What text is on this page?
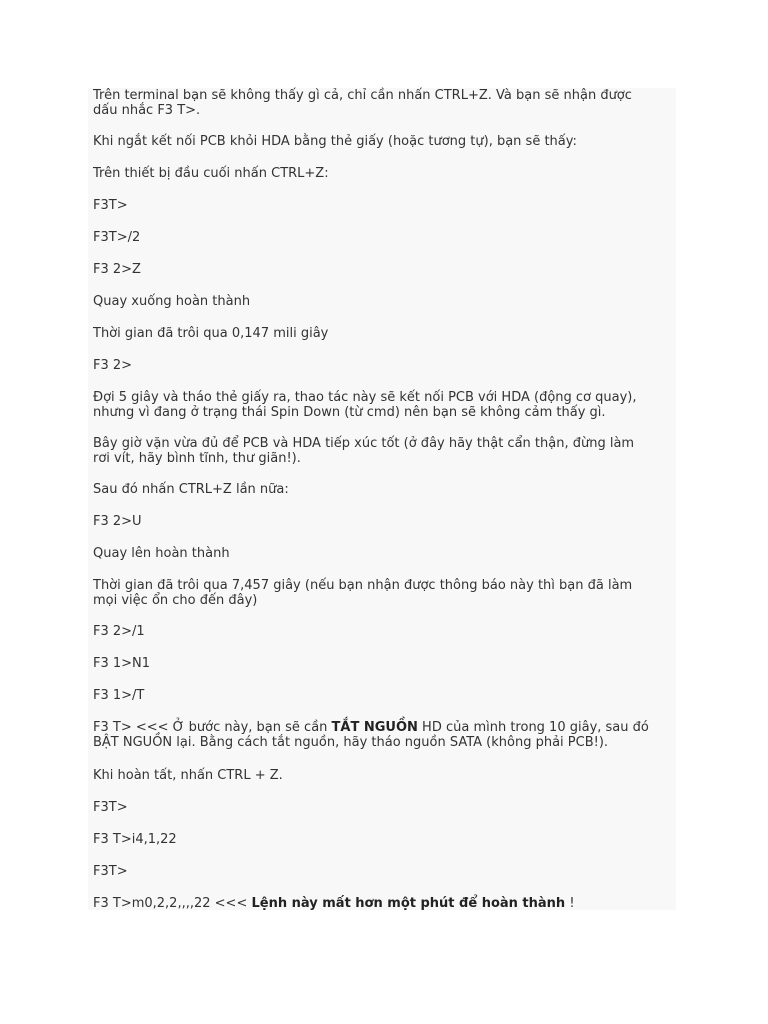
Trên terminal bạn sẽ không thấy gì cả, chỉ cần nhấn CTRL+Z. Và bạn sẽ nhận được
dấu nhắc F3 T>.

Khi ngắt kết nối PCB khỏi HDA bằng thẻ giấy (hoặc tương tự), bạn sẽ thấy:

Trên thiết bị đầu cuối nhấn CTRL+Z:

F3T>

F3T>/2

F3 2>Z

Quay xuống hoàn thành

Thời gian đã trôi qua 0,147 mili giây

F3 2>

Đợi 5 giây và tháo thẻ giấy ra, thao tác này sẽ kết nối PCB với HDA (động cơ quay),
nhưng vì đang ở trạng thái Spin Down (từ cmd) nên bạn sẽ không cảm thấy gì.

Bây giờ vặn vừa đủ để PCB và HDA tiếp xúc tốt (ở đây hãy thật cẩn thận, đừng làm
rơi vít, hãy bình tĩnh, thư giãn!).

Sau đó nhấn CTRL+Z lần nữa:

F3 2>U

Quay lên hoàn thành

Thời gian đã trôi qua 7,457 giây (nếu bạn nhận được thông báo này thì bạn đã làm
mọi việc ổn cho đến đây)

F3 2>/1

F3 1>N1

F3 1>/T

F3 T> <<< Ở bước này, bạn sẽ cần TẮT NGUỒN HD của mình trong 10 giây, sau đó
BẬT NGUỒN lại. Bằng cách tắt nguồn, hãy tháo nguồn SATA (không phải PCB!).

Khi hoàn tất, nhấn CTRL + Z.

F3T>

F3 T>i4,1,22

F3T>

F3 T>m0,2,2,,,,22 <<< Lệnh này mất hơn một phút để hoàn thành !
